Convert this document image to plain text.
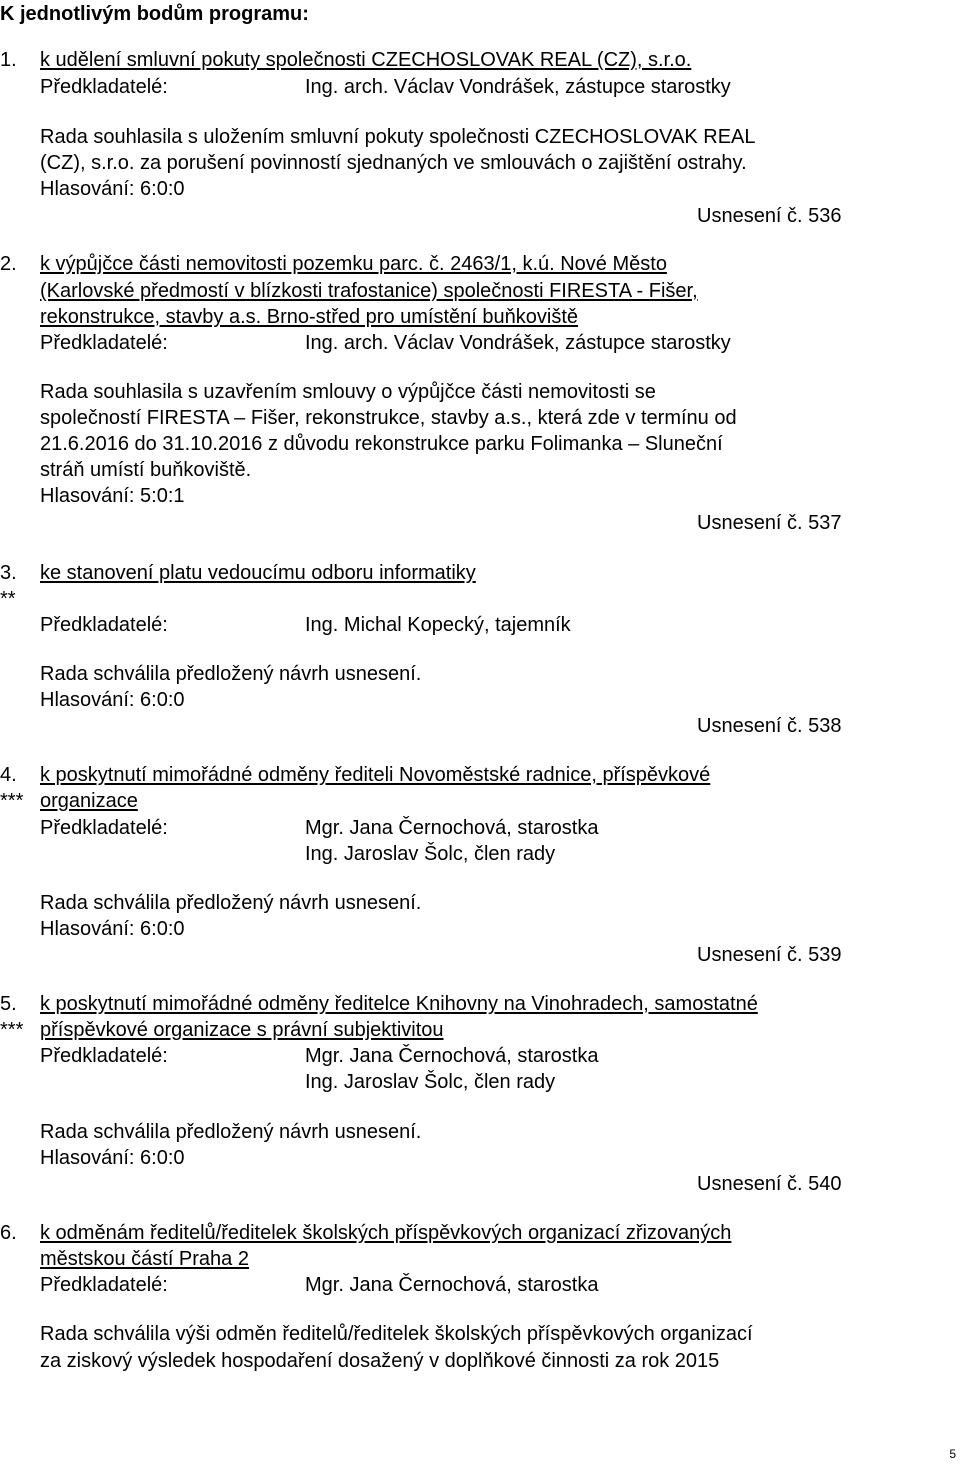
K jednotlivým bodům programu:
1. k udělení smluvní pokuty společnosti CZECHOSLOVAK REAL (CZ), s.r.o.
Předkladatelé:	Ing. arch. Václav Vondrášek, zástupce starostky
Rada souhlasila s uložením smluvní pokuty společnosti CZECHOSLOVAK REAL
(CZ), s.r.o. za porušení povinností sjednaných ve smlouvách o zajištění ostrahy.
Hlasování: 6:0:0
Usnesení č. 536
2. k výpůjčce části nemovitosti pozemku parc. č. 2463/1, k.ú. Nové Město
(Karlovské předmostí v blízkosti trafostanice) společnosti FIRESTA - Fišer,
rekonstrukce, stavby a.s. Brno-střed pro umístění buňkoviště
Předkladatelé:	Ing. arch. Václav Vondrášek, zástupce starostky
Rada souhlasila s uzavřením smlouvy o výpůjčce části nemovitosti se
společností FIRESTA – Fišer, rekonstrukce, stavby a.s., která zde v termínu od
21.6.2016 do 31.10.2016 z důvodu rekonstrukce parku Folimanka – Sluneční
stráň umístí buňkoviště.
Hlasování: 5:0:1
Usnesení č. 537
3.
**
ke stanovení platu vedoucímu odboru informatiky
Předkladatelé:	Ing. Michal Kopecký, tajemník
Rada schválila předložený návrh usnesení.
Hlasování: 6:0:0
Usnesení č. 538
4.
***
k poskytnutí mimořádné odměny řediteli Novoměstské radnice, příspěvkové
organizace
Předkladatelé:	Mgr. Jana Černochová, starostka
Ing. Jaroslav Šolc, člen rady
Rada schválila předložený návrh usnesení.
Hlasování: 6:0:0
Usnesení č. 539
5.
***
k poskytnutí mimořádné odměny ředitelce Knihovny na Vinohradech, samostatné
příspěvkové organizace s právní subjektivitou
Předkladatelé:	Mgr. Jana Černochová, starostka
Ing. Jaroslav Šolc, člen rady
Rada schválila předložený návrh usnesení.
Hlasování: 6:0:0
Usnesení č. 540
6. k odměnám ředitelů/ředitelek školských příspěvkových organizací zřizovaných
městskou částí Praha 2
Předkladatelé:	Mgr. Jana Černochová, starostka
Rada schválila výši odměn ředitelů/ředitelek školských příspěvkových organizací
za ziskový výsledek hospodaření dosažený v doplňkové činnosti za rok 2015
5
